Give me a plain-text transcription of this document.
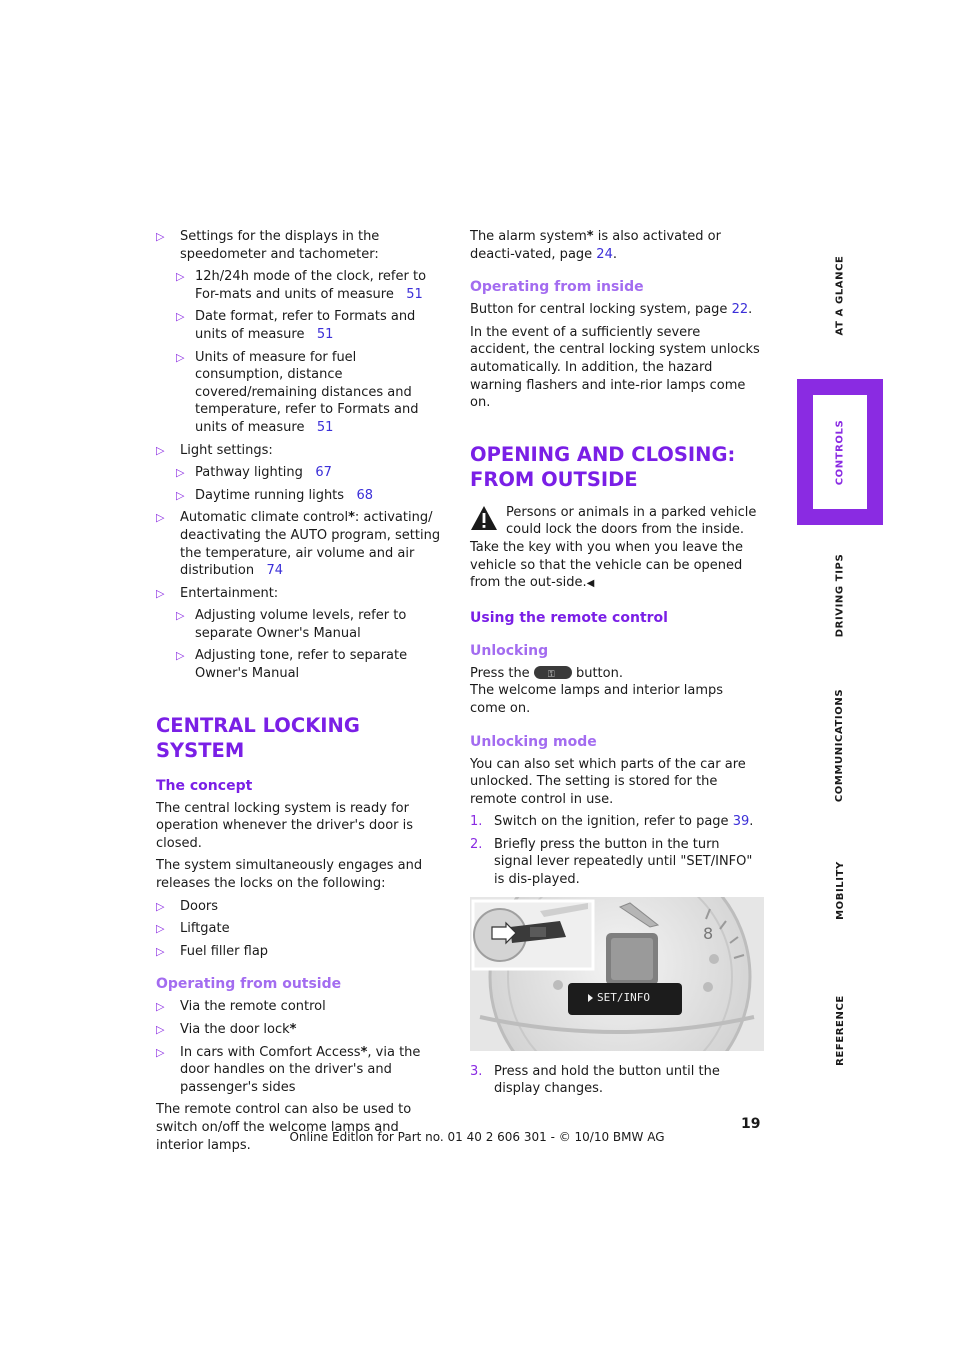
▷ Settings for the displays in the speedometer and tachometer:
▷ 12h/24h mode of the clock, refer to For-mats and units of measure 51
▷ Date format, refer to Formats and units of measure 51
▷ Units of measure for fuel consumption, distance covered/remaining distances and temperature, refer to Formats and units of measure 51
▷ Light settings:
▷ Pathway lighting 67
▷ Daytime running lights 68
▷ Automatic climate control*: activating/ deactivating the AUTO program, setting the temperature, air volume and air distribution 74
▷ Entertainment:
▷ Adjusting volume levels, refer to separate Owner's Manual
▷ Adjusting tone, refer to separate Owner's Manual
CENTRAL LOCKING SYSTEM
The concept

The central locking system is ready for operation whenever the driver's door is closed.

The system simultaneously engages and releases the locks on the following:

▷ Doors
▷ Liftgate
▷ Fuel filler flap
Operating from outside
▷ Via the remote control
▷ Via the door lock*
▷ In cars with Comfort Access*, via the door handles on the driver's and passenger's sides

The remote control can also be used to switch on/off the welcome lamps and interior lamps.

The alarm system* is also activated or deacti-vated, page 24.

Operating from inside

Button for central locking system, page 22.

In the event of a sufficiently severe accident, the central locking system unlocks automatically. In addition, the hazard warning flashers and inte-rior lamps come on.

OPENING AND CLOSING: FROM OUTSIDE
Persons or animals in a parked vehicle could lock the doors from the inside. Take the key with you when you leave the vehicle so that the vehicle can be opened from the out-side.◀
Using the remote control
Unlocking

Press the ⚿ button.

The welcome lamps and interior lamps come on.

Unlocking mode

You can also set which parts of the car are unlocked. The setting is stored for the remote control in use.

1. Switch on the ignition, refer to page 39.
2. Briefly press the button in the turn signal lever repeatedly until "SET/INFO" is dis-played.
8
SET/INFO
3. Press and hold the button until the display changes.
AT A GLANCE
CONTROLS
DRIVING TIPS
COMMUNICATIONS
MOBILITY
REFERENCE
19
Online Edition for Part no. 01 40 2 606 301 - © 10/10 BMW AG
